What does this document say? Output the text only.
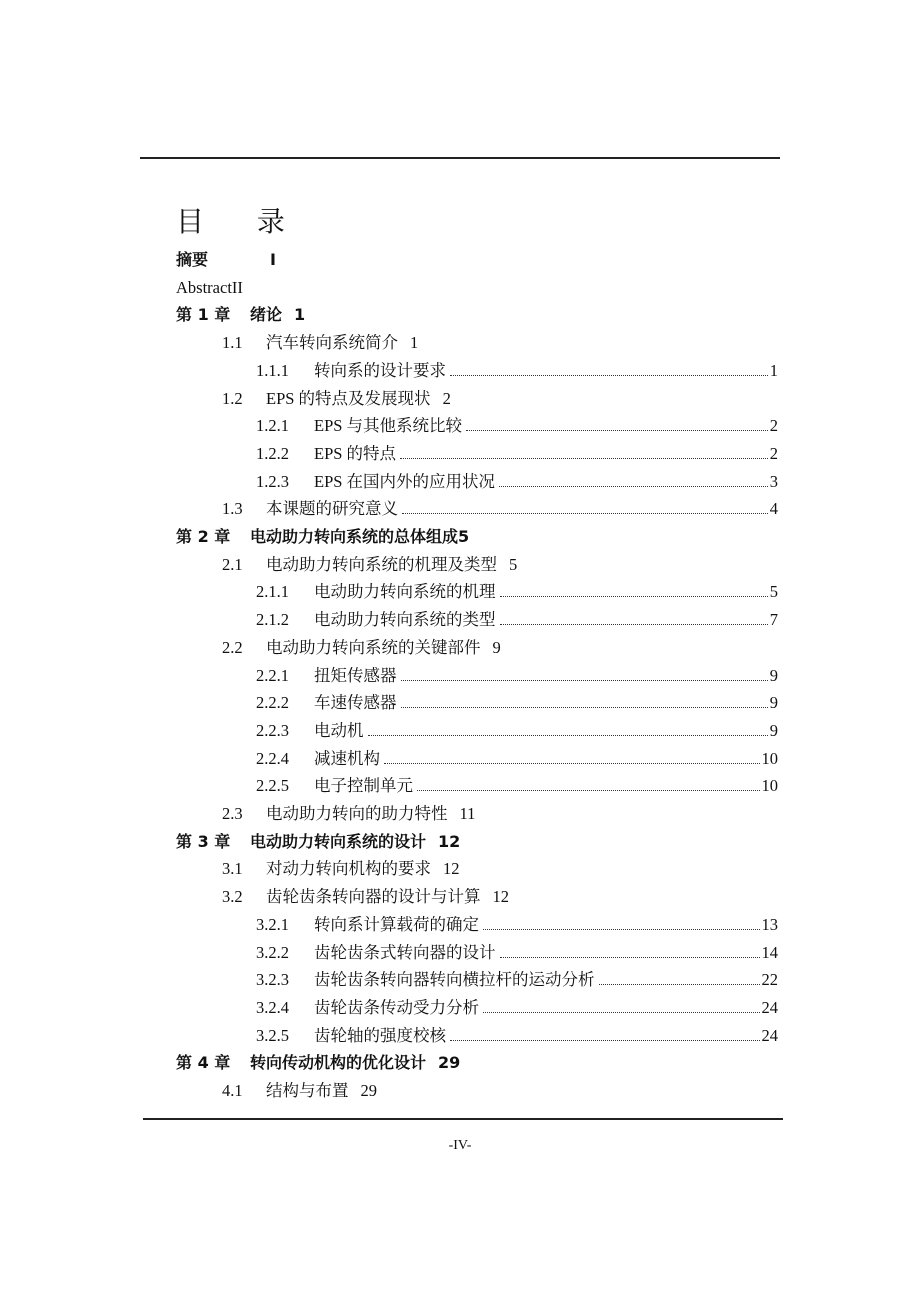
目 录
摘要	I
AbstractII
第 1 章 绪论 1
1.1 汽车转向系统简介 1
1.1.1	转向系的设计要求	1
1.2 EPS 的特点及发展现状 2
1.2.1	EPS 与其他系统比较	2
1.2.2	EPS 的特点	2
1.2.3	EPS 在国内外的应用状况	3
1.3	本课题的研究意义	4
第 2 章 电动助力转向系统的总体组成5
2.1 电动助力转向系统的机理及类型 5
2.1.1	电动助力转向系统的机理	5
2.1.2	电动助力转向系统的类型	7
2.2 电动助力转向系统的关键部件 9
2.2.1	扭矩传感器	9
2.2.2	车速传感器	9
2.2.3	电动机	9
2.2.4	减速机构	10
2.2.5	电子控制单元	10
2.3 电动助力转向的助力特性 11
第 3 章 电动助力转向系统的设计 12
3.1 对动力转向机构的要求 12
3.2 齿轮齿条转向器的设计与计算 12
3.2.1	转向系计算载荷的确定	13
3.2.2	齿轮齿条式转向器的设计	14
3.2.3	齿轮齿条转向器转向横拉杆的运动分析	22
3.2.4	齿轮齿条传动受力分析	24
3.2.5	齿轮轴的强度校核	24
第 4 章 转向传动机构的优化设计 29
4.1 结构与布置 29
-IV-
